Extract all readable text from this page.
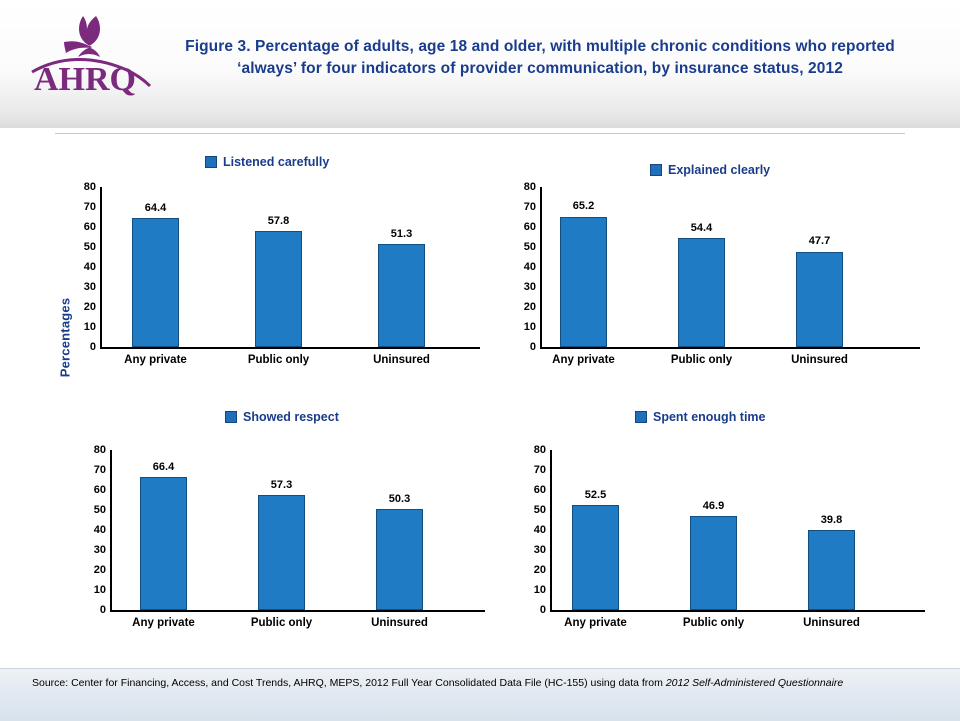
AHRQ
Figure 3. Percentage of adults, age 18 and older, with multiple chronic conditions who reported ‘always’ for four indicators of provider communication, by insurance status, 2012
Percentages
Listened carefully
80
70
60
50
40
30
20
10
0
64.4
57.8
51.3
Any private	Public only	Uninsured
Explained clearly
80
70
60
50
40
30
20
10
0
65.2
54.4
47.7
Any private	Public only	Uninsured
Showed respect
80
70
60
50
40
30
20
10
0
66.4
57.3
50.3
Any private	Public only	Uninsured
Spent enough time
80
70
60
50
40
30
20
10
0
52.5
46.9
39.8
Any private	Public only	Uninsured
Source: Center for Financing, Access, and Cost Trends, AHRQ, MEPS, 2012 Full Year Consolidated Data File (HC-155) using data from 2012 Self-Administered Questionnaire
